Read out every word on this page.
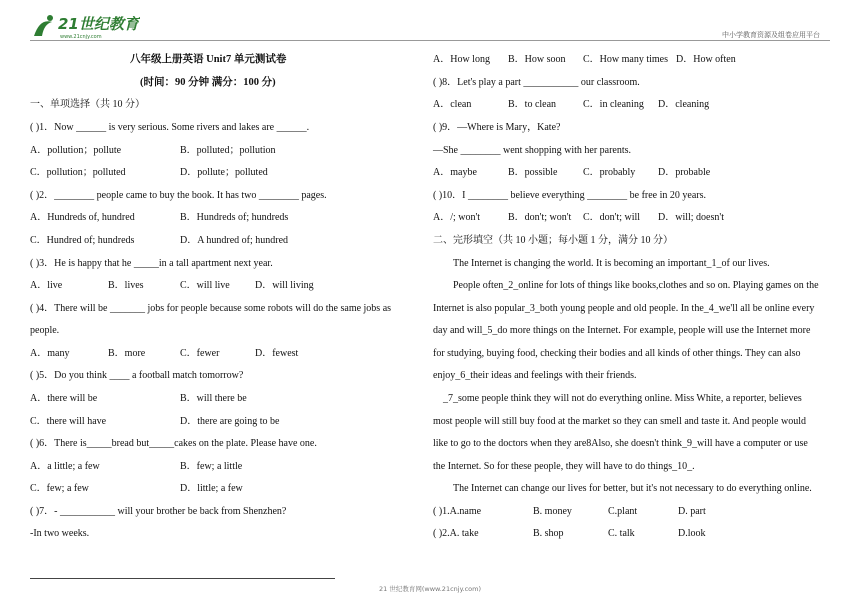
21世纪教育
www.21cnjy.com	中小学教育资源及组卷应用平台
八年级上册英语 Unit7 单元测试卷
(时间：90 分钟 满分：100 分)
一、单项选择（共 10 分）
( )1．Now ______ is very serious. Some rivers and lakes are ______.
A．pollution；pollute	B．polluted；pollution
C．pollution；polluted	D．pollute；polluted
( )2．________ people came to buy the book. It has two ________ pages.
A．Hundreds of, hundred	B．Hundreds of; hundreds
C．Hundred of; hundreds	D．A hundred of; hundred
( )3．He is happy that he _____in a tall apartment next year.
A．live	B．lives	C．will live	D．will living
( )4．There will be _______ jobs for people because some robots will do the same jobs as
people.
A．many	B．more	C．fewer	D．fewest
( )5．Do you think ____ a football match tomorrow?
A．there will be	B．will there be
C．there will have	D．there are going to be
( )6．There is_____bread but_____cakes on the plate. Please have one.
A．a little; a few	B．few; a little
C．few; a few	D．little; a few
( )7．- ___________ will your brother be back from Shenzhen?
-In two weeks.
A．How long B．How soon C．How many times D．How often
( )8．Let's play a part ___________ our classroom.
A．clean	B．to clean	C．in cleaning D．cleaning
( )9．—Where is Mary，Kate?
—She ________ went shopping with her parents.
A．maybe	B．possible	C．probably D．probable
( )10．I ________ believe everything ________ be free in 20 years.
A．/; won't	B．don't; won't C．don't; will D．will; doesn't
二、完形填空（共 10 小题；每小题 1 分，满分 10 分）
The Internet is changing the world. It is becoming an important_1_of our lives.
People often_2_online for lots of things like books,clothes and so on. Playing games on the
Internet is also popular_3_both young people and old people. In the_4_we'll all be online every
day and will_5_do more things on the Internet. For example, people will use the Internet more
for studying, buying food, checking their bodies and all kinds of other things. They can also
enjoy_6_their ideas and feelings with their friends.
_7_some people think they will not do everything online. Miss White, a reporter, believes
most people will still buy food at the market so they can smell and taste it. And people would
like to go to the doctors when they are8Also, she doesn't think_9_will have a computer or use
the Internet. So for these people, they will have to do things_10_.
The Internet can change our lives for better, but it's not necessary to do everything online.
( )1.A.name	B. money	C.plant	D. part
( )2.A. take	B. shop	C. talk	D.look
21 世纪教育网(www.21cnjy.com)
